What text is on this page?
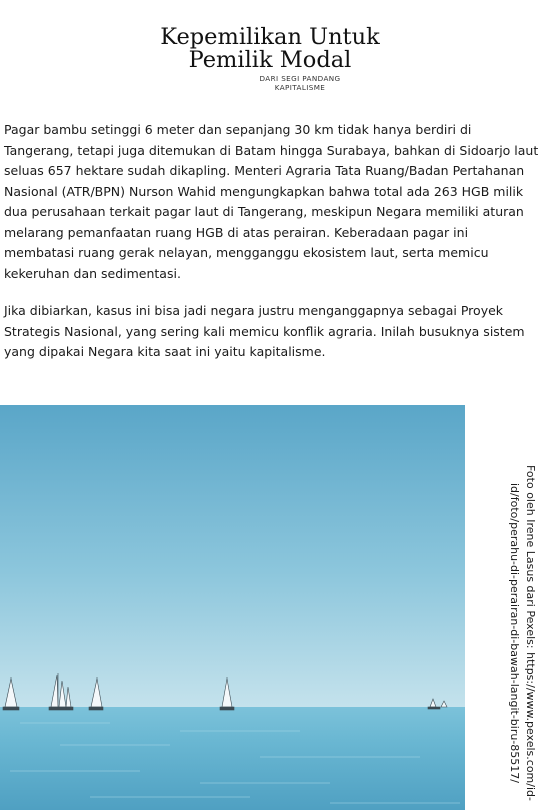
Kepemilikan Untuk
Pemilik Modal
DARI SEGI PANDANG
KAPITALISME

Pagar bambu setinggi 6 meter dan sepanjang 30 km tidak hanya berdiri di Tangerang, tetapi juga ditemukan di Batam hingga Surabaya, bahkan di Sidoarjo laut seluas 657 hektare sudah dikapling. Menteri Agraria Tata Ruang/Badan Pertahanan Nasional (ATR/BPN) Nurson Wahid mengungkapkan bahwa total ada 263 HGB milik dua perusahaan terkait pagar laut di Tangerang, meskipun Negara memiliki aturan melarang pemanfaatan ruang HGB di atas perairan. Keberadaan pagar ini membatasi ruang gerak nelayan, mengganggu ekosistem laut, serta memicu kekeruhan dan sedimentasi.

Jika dibiarkan, kasus ini bisa jadi negara justru menganggapnya sebagai Proyek Strategis Nasional, yang sering kali memicu konflik agraria. Inilah busuknya sistem yang dipakai Negara kita saat ini yaitu kapitalisme.

Foto oleh Irene Lasus dari Pexels: https://www.pexels.com/id-
id/foto/perahu-di-perairan-di-bawah-langit-biru-85517/
